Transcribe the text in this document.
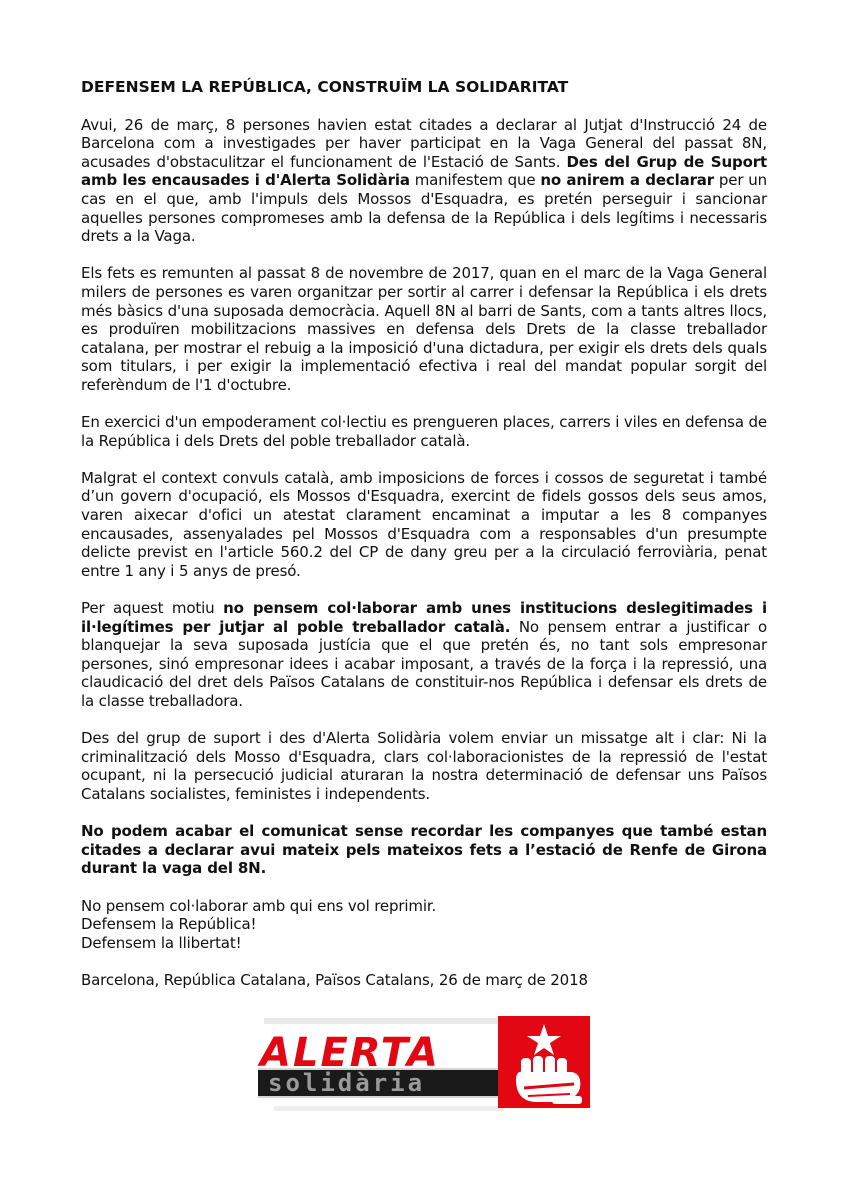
DEFENSEM LA REPÚBLICA, CONSTRUÏM LA SOLIDARITAT

Avui, 26 de març, 8 persones havien estat citades a declarar al Jutjat d'Instrucció 24 de Barcelona com a investigades per haver participat en la Vaga General del passat 8N, acusades d'obstaculitzar el funcionament de l'Estació de Sants. Des del Grup de Suport amb les encausades i d'Alerta Solidària manifestem que no anirem a declarar per un cas en el que, amb l'impuls dels Mossos d'Esquadra, es pretén perseguir i sancionar aquelles persones compromeses amb la defensa de la República i dels legítims i necessaris drets a la Vaga.

Els fets es remunten al passat 8 de novembre de 2017, quan en el marc de la Vaga General milers de persones es varen organitzar per sortir al carrer i defensar la República i els drets més bàsics d'una suposada democràcia. Aquell 8N al barri de Sants, com a tants altres llocs, es produïren mobilitzacions massives en defensa dels Drets de la classe treballador catalana, per mostrar el rebuig a la imposició d'una dictadura, per exigir els drets dels quals som titulars, i per exigir la implementació efectiva i real del mandat popular sorgit del referèndum de l'1 d'octubre.

En exercici d'un empoderament col·lectiu es prengueren places, carrers i viles en defensa de la República i dels Drets del poble treballador català.

Malgrat el context convuls català, amb imposicions de forces i cossos de seguretat i també d’un govern d'ocupació, els Mossos d'Esquadra, exercint de fidels gossos dels seus amos, varen aixecar d'ofici un atestat clarament encaminat a imputar a les 8 companyes encausades, assenyalades pel Mossos d'Esquadra com a responsables d'un presumpte delicte previst en l'article 560.2 del CP de dany greu per a la circulació ferroviària, penat entre 1 any i 5 anys de presó.

Per aquest motiu no pensem col·laborar amb unes institucions deslegitimades i il·legítimes per jutjar al poble treballador català. No pensem entrar a justificar o blanquejar la seva suposada justícia que el que pretén és, no tant sols empresonar persones, sinó empresonar idees i acabar imposant, a través de la força i la repressió, una claudicació del dret dels Països Catalans de constituir-nos República i defensar els drets de la classe treballadora.

Des del grup de suport i des d'Alerta Solidària volem enviar un missatge alt i clar: Ni la criminalització dels Mosso d'Esquadra, clars col·laboracionistes de la repressió de l'estat ocupant, ni la persecució judicial aturaran la nostra determinació de defensar uns Països Catalans socialistes, feministes i independents.

No podem acabar el comunicat sense recordar les companyes que també estan citades a declarar avui mateix pels mateixos fets a l’estació de Renfe de Girona durant la vaga del 8N.

No pensem col·laborar amb qui ens vol reprimir.
Defensem la República!
Defensem la llibertat!

Barcelona, República Catalana, Països Catalans, 26 de març de 2018

ALERTA
solidària
